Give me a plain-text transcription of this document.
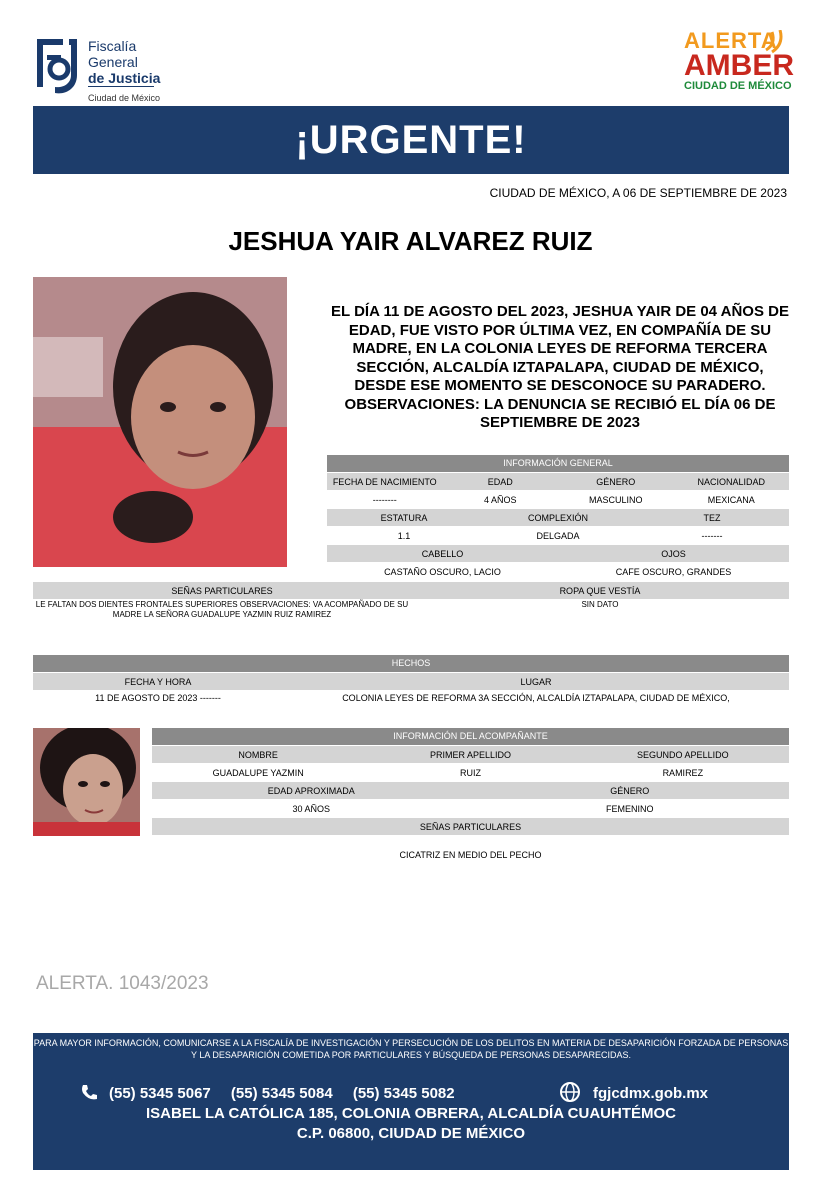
Fiscalía
General
de Justicia
Ciudad de México
ALERTA
AMBER
CIUDAD DE MÉXICO
¡URGENTE!
CIUDAD DE MÉXICO, A 06 DE SEPTIEMBRE DE 2023
JESHUA YAIR ALVAREZ RUIZ
EL DÍA 11 DE AGOSTO DEL 2023, JESHUA YAIR DE 04 AÑOS DE EDAD, FUE VISTO POR ÚLTIMA VEZ, EN COMPAÑÍA DE SU MADRE, EN LA COLONIA LEYES DE REFORMA TERCERA SECCIÓN, ALCALDÍA IZTAPALAPA, CIUDAD DE MÉXICO, DESDE ESE MOMENTO SE DESCONOCE SU PARADERO. OBSERVACIONES: LA DENUNCIA SE RECIBIÓ EL DÍA 06 DE SEPTIEMBRE DE 2023
INFORMACIÓN GENERAL
FECHA DE NACIMIENTO	EDAD	GÉNERO	NACIONALIDAD
--------	4 AÑOS	MASCULINO	MEXICANA
ESTATURA	COMPLEXIÓN	TEZ
1.1	DELGADA	-------
CABELLO	OJOS
CASTAÑO OSCURO, LACIO	CAFE OSCURO, GRANDES
SEÑAS PARTICULARES	ROPA QUE VESTÍA
LE FALTAN DOS DIENTES FRONTALES SUPERIORES OBSERVACIONES: VA ACOMPAÑADO DE SU MADRE LA SEÑORA GUADALUPE YAZMIN RUIZ RAMIREZ
SIN DATO
HECHOS
FECHA Y HORA	LUGAR
11 DE AGOSTO DE 2023 -------	COLONIA LEYES DE REFORMA 3A SECCIÓN, ALCALDÍA IZTAPALAPA, CIUDAD DE MÉXICO,
INFORMACIÓN DEL ACOMPAÑANTE
NOMBRE	PRIMER APELLIDO	SEGUNDO APELLIDO
GUADALUPE YAZMIN	RUIZ	RAMIREZ
EDAD APROXIMADA	GÉNERO
30 AÑOS	FEMENINO
SEÑAS PARTICULARES
CICATRIZ EN MEDIO DEL PECHO
ALERTA. 1043/2023
PARA MAYOR INFORMACIÓN, COMUNICARSE A LA FISCALÍA DE INVESTIGACIÓN Y PERSECUCIÓN DE LOS DELITOS EN MATERIA DE DESAPARICIÓN FORZADA DE PERSONAS Y LA DESAPARICIÓN COMETIDA POR PARTICULARES Y BÚSQUEDA DE PERSONAS DESAPARECIDAS.
(55) 5345 5067 (55) 5345 5084 (55) 5345 5082	fgjcdmx.gob.mx
ISABEL LA CATÓLICA 185, COLONIA OBRERA, ALCALDÍA CUAUHTÉMOC
C.P. 06800, CIUDAD DE MÉXICO
